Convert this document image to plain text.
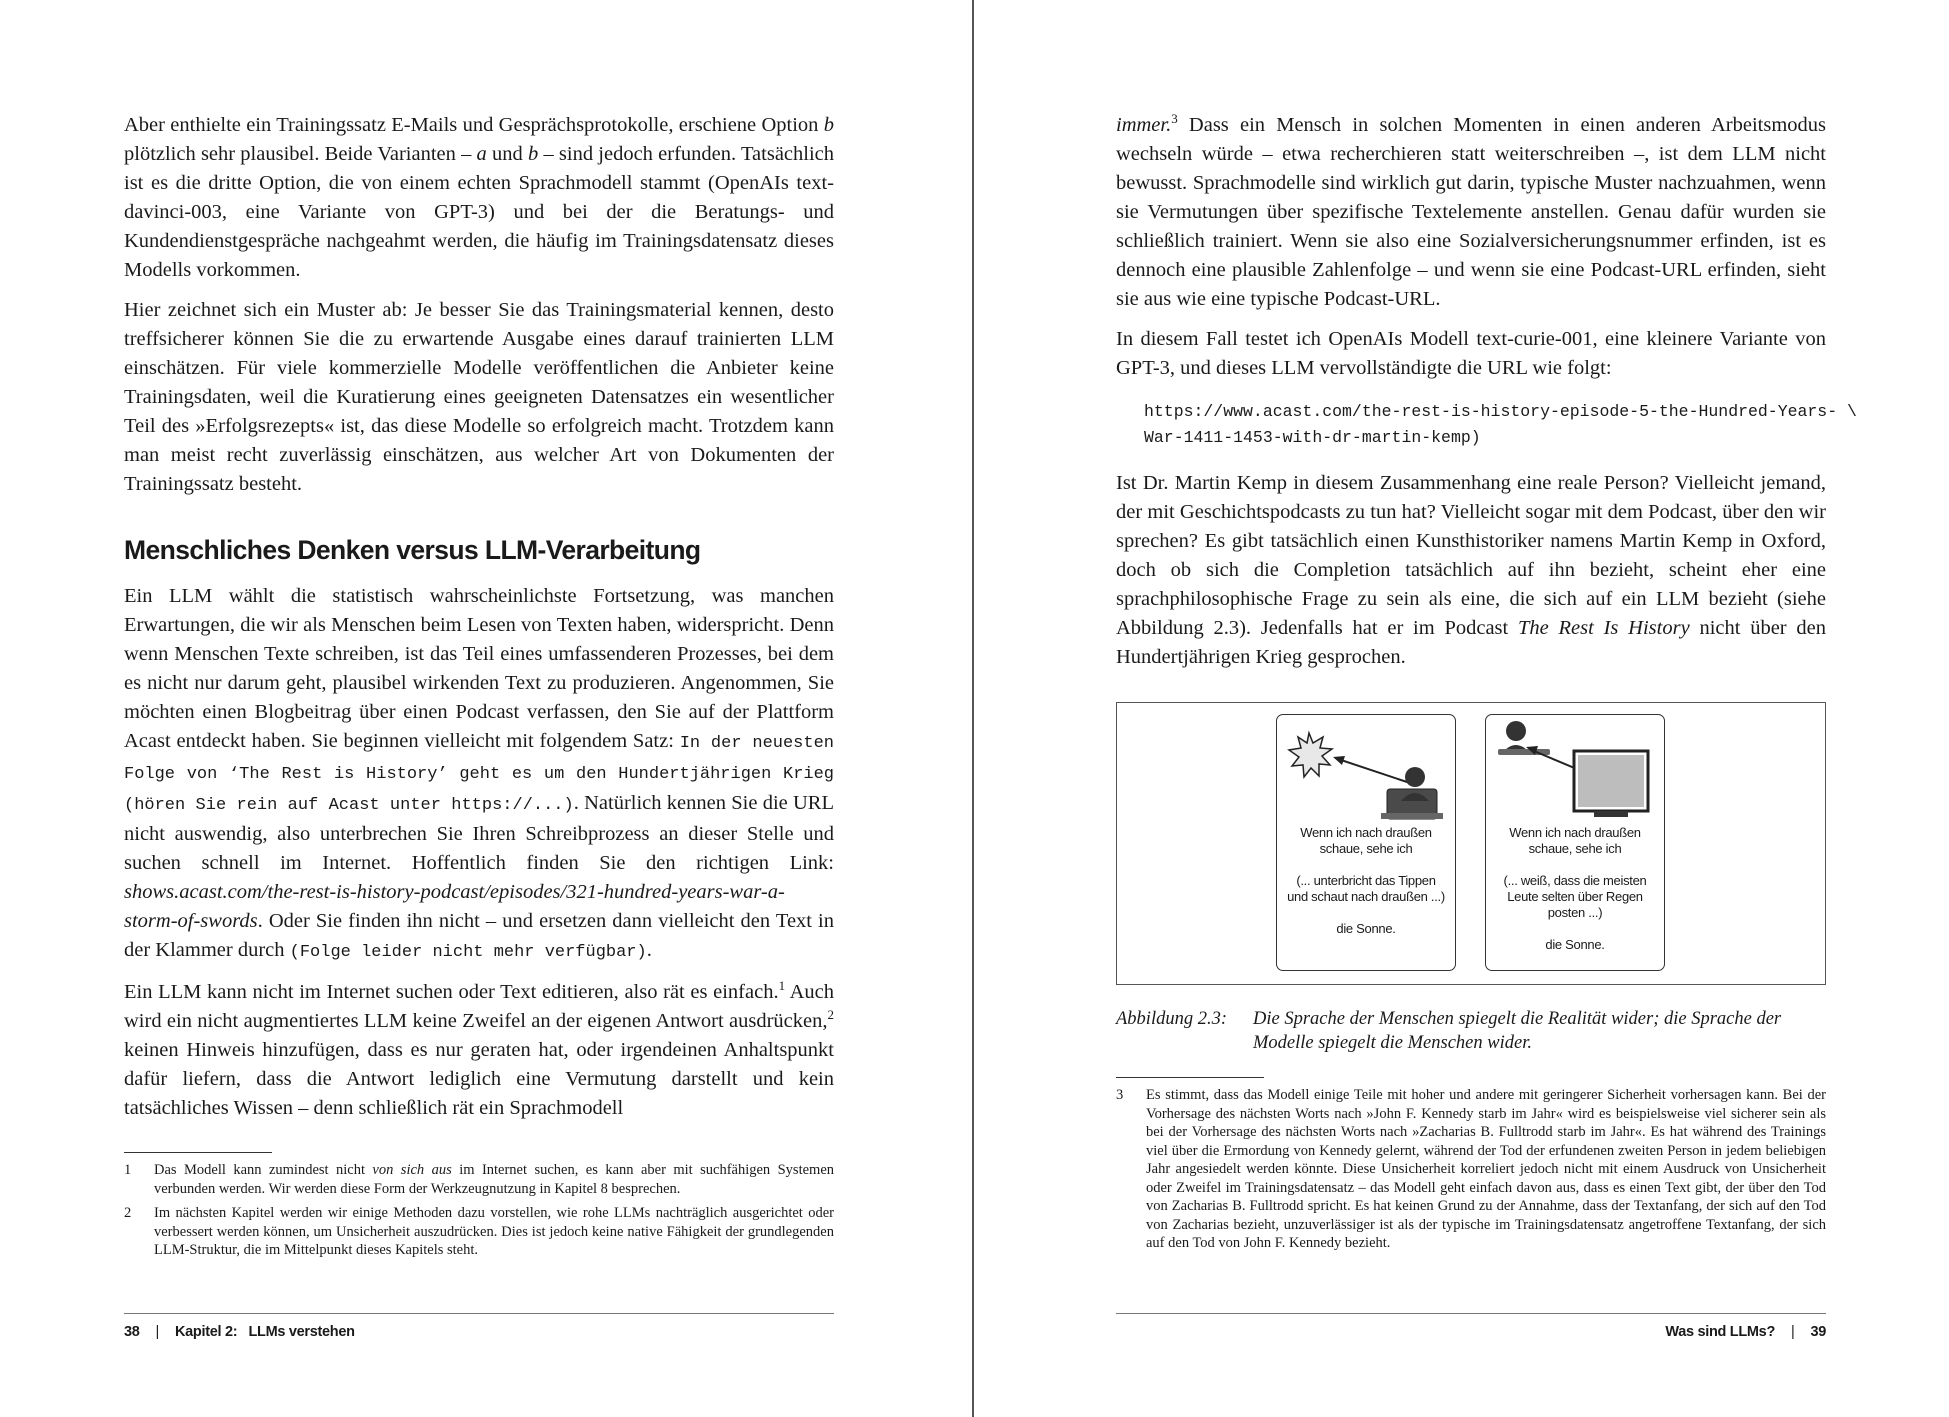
Aber enthielte ein Trainingssatz E-Mails und Gesprächsprotokolle, erschiene Option b plötzlich sehr plausibel. Beide Varianten – a und b – sind jedoch erfunden. Tatsächlich ist es die dritte Option, die von einem echten Sprachmodell stammt (OpenAIs text-davinci-003, eine Variante von GPT-3) und bei der die Beratungs- und Kundendienstgespräche nachgeahmt werden, die häufig im Trainingsdatensatz dieses Modells vorkommen.

Hier zeichnet sich ein Muster ab: Je besser Sie das Trainingsmaterial kennen, desto treffsicherer können Sie die zu erwartende Ausgabe eines darauf trainierten LLM einschätzen. Für viele kommerzielle Modelle veröffentlichen die Anbieter keine Trainingsdaten, weil die Kuratierung eines geeigneten Datensatzes ein wesentlicher Teil des »Erfolgsrezepts« ist, das diese Modelle so erfolgreich macht. Trotzdem kann man meist recht zuverlässig einschätzen, aus welcher Art von Dokumenten der Trainingssatz besteht.

Menschliches Denken versus LLM-Verarbeitung

Ein LLM wählt die statistisch wahrscheinlichste Fortsetzung, was manchen Erwartungen, die wir als Menschen beim Lesen von Texten haben, widerspricht. Denn wenn Menschen Texte schreiben, ist das Teil eines umfassenderen Prozesses, bei dem es nicht nur darum geht, plausibel wirkenden Text zu produzieren. Angenommen, Sie möchten einen Blogbeitrag über einen Podcast verfassen, den Sie auf der Plattform Acast entdeckt haben. Sie beginnen vielleicht mit folgendem Satz: In der neuesten Folge von ‘The Rest is History’ geht es um den Hundertjährigen Krieg (hören Sie rein auf Acast unter https://...). Natürlich kennen Sie die URL nicht auswendig, also unterbrechen Sie Ihren Schreibprozess an dieser Stelle und suchen schnell im Internet. Hoffentlich finden Sie den richtigen Link: shows.acast.com/the-rest-is-history-podcast/episodes/321-hundred-years-war-a-storm-of-swords. Oder Sie finden ihn nicht – und ersetzen dann vielleicht den Text in der Klammer durch (Folge leider nicht mehr verfügbar).

Ein LLM kann nicht im Internet suchen oder Text editieren, also rät es einfach.$^1$ Auch wird ein nicht augmentiertes LLM keine Zweifel an der eigenen Antwort ausdrücken,$^2$ keinen Hinweis hinzufügen, dass es nur geraten hat, oder irgendeinen Anhaltspunkt dafür liefern, dass die Antwort lediglich eine Vermutung darstellt und kein tatsächliches Wissen – denn schließlich rät ein Sprachmodell

1	Das Modell kann zumindest nicht von sich aus im Internet suchen, es kann aber mit suchfähigen Systemen verbunden werden. Wir werden diese Form der Werkzeugnutzung in Kapitel 8 besprechen.
2	Im nächsten Kapitel werden wir einige Methoden dazu vorstellen, wie rohe LLMs nachträglich ausgerichtet oder verbessert werden können, um Unsicherheit auszudrücken. Dies ist jedoch keine native Fähigkeit der grundlegenden LLM-Struktur, die im Mittelpunkt dieses Kapitels steht.
38 | Kapitel 2: LLMs verstehen

immer.$^3$ Dass ein Mensch in solchen Momenten in einen anderen Arbeitsmodus wechseln würde – etwa recherchieren statt weiterschreiben –, ist dem LLM nicht bewusst. Sprachmodelle sind wirklich gut darin, typische Muster nachzuahmen, wenn sie Vermutungen über spezifische Textelemente anstellen. Genau dafür wurden sie schließlich trainiert. Wenn sie also eine Sozialversicherungsnummer erfinden, ist es dennoch eine plausible Zahlenfolge – und wenn sie eine Podcast-URL erfinden, sieht sie aus wie eine typische Podcast-URL.

In diesem Fall testet ich OpenAIs Modell text-curie-001, eine kleinere Variante von GPT-3, und dieses LLM vervollständigte die URL wie folgt:

https://www.acast.com/the-rest-is-history-episode-5-the-Hundred-Years- \
War-1411-1453-with-dr-martin-kemp)

Ist Dr. Martin Kemp in diesem Zusammenhang eine reale Person? Vielleicht jemand, der mit Geschichtspodcasts zu tun hat? Vielleicht sogar mit dem Podcast, über den wir sprechen? Es gibt tatsächlich einen Kunsthistoriker namens Martin Kemp in Oxford, doch ob sich die Completion tatsächlich auf ihn bezieht, scheint eher eine sprachphilosophische Frage zu sein als eine, die sich auf ein LLM bezieht (siehe Abbildung 2.3). Jedenfalls hat er im Podcast The Rest Is History nicht über den Hundertjährigen Krieg gesprochen.

Wenn ich nach draußen
schaue, sehe ich
(... unterbricht das Tippen
und schaut nach draußen ...)
die Sonne.
Wenn ich nach draußen
schaue, sehe ich
(... weiß, dass die meisten
Leute selten über Regen
posten ...)
die Sonne.
Abbildung 2.3:	Die Sprache der Menschen spiegelt die Realität wider; die Sprache der Modelle spiegelt die Menschen wider.
3	Es stimmt, dass das Modell einige Teile mit hoher und andere mit geringerer Sicherheit vorhersagen kann. Bei der Vorhersage des nächsten Worts nach »John F. Kennedy starb im Jahr« wird es beispielsweise viel sicherer sein als bei der Vorhersage des nächsten Worts nach »Zacharias B. Fulltrodd starb im Jahr«. Es hat während des Trainings viel über die Ermordung von Kennedy gelernt, während der Tod der erfundenen zweiten Person in jedem beliebigen Jahr angesiedelt werden könnte. Diese Unsicherheit korreliert jedoch nicht mit einem Ausdruck von Unsicherheit oder Zweifel im Trainingsdatensatz – das Modell geht einfach davon aus, dass es einen Text gibt, der über den Tod von Zacharias B. Fulltrodd spricht. Es hat keinen Grund zu der Annahme, dass der Textanfang, der sich auf den Tod von Zacharias bezieht, unzuverlässiger ist als der typische im Trainingsdatensatz angetroffene Textanfang, der sich auf den Tod von John F. Kennedy bezieht.
Was sind LLMs? | 39
